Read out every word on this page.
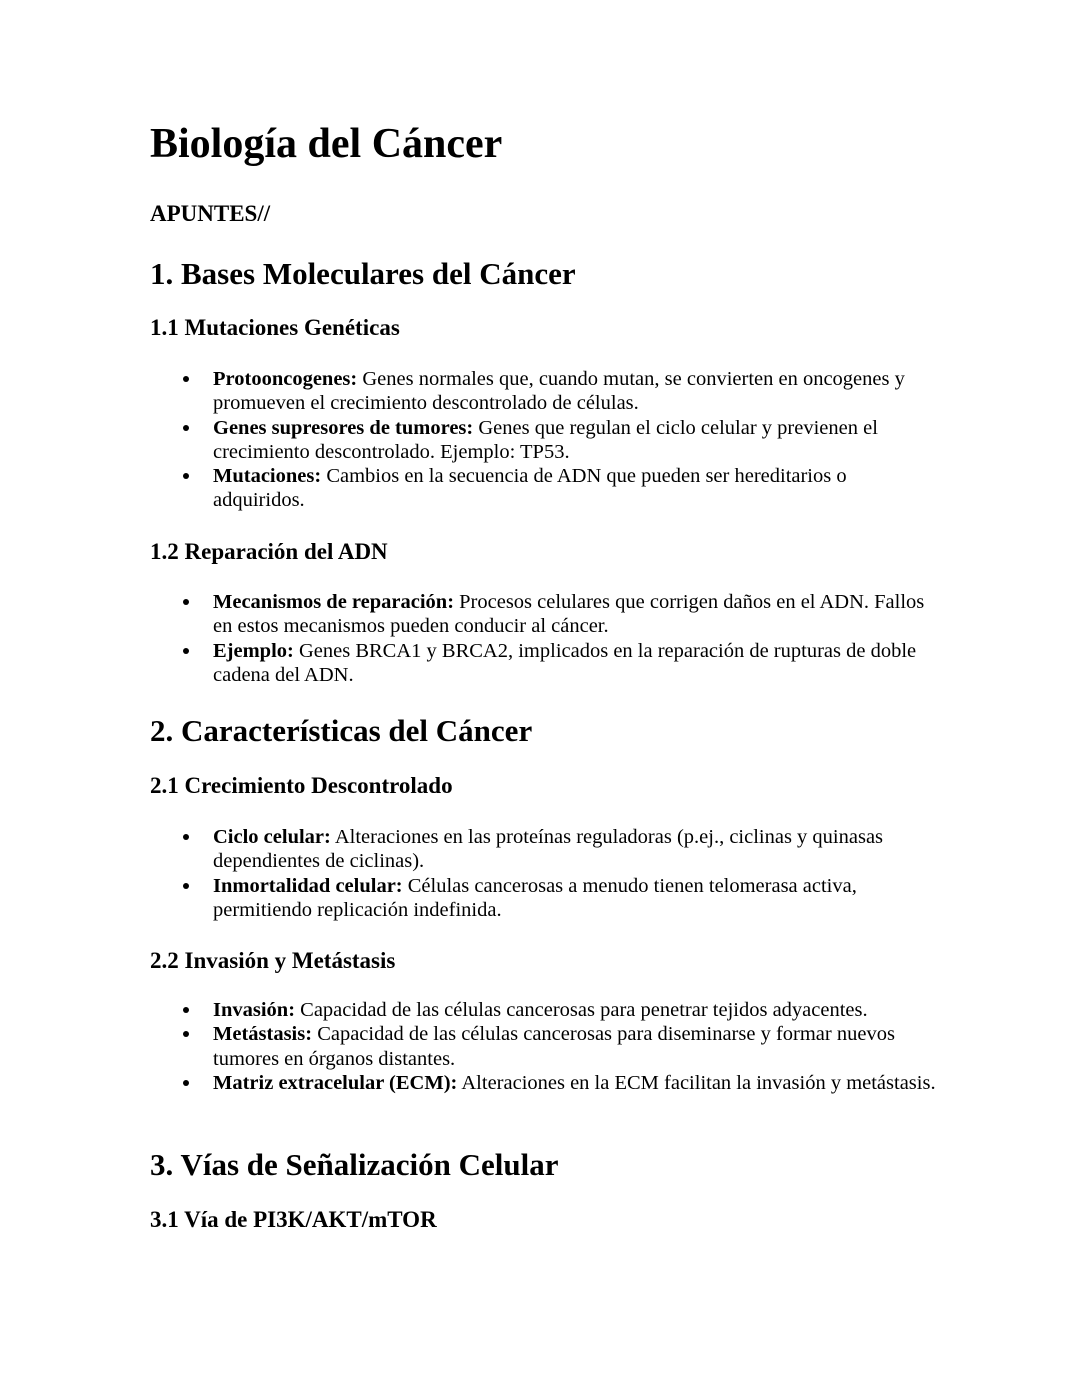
Biología del Cáncer
APUNTES//
1. Bases Moleculares del Cáncer
1.1 Mutaciones Genéticas
Protooncogenes: Genes normales que, cuando mutan, se convierten en oncogenes y promueven el crecimiento descontrolado de células.
Genes supresores de tumores: Genes que regulan el ciclo celular y previenen el crecimiento descontrolado. Ejemplo: TP53.
Mutaciones: Cambios en la secuencia de ADN que pueden ser hereditarios o adquiridos.
1.2 Reparación del ADN
Mecanismos de reparación: Procesos celulares que corrigen daños en el ADN. Fallos en estos mecanismos pueden conducir al cáncer.
Ejemplo: Genes BRCA1 y BRCA2, implicados en la reparación de rupturas de doble cadena del ADN.
2. Características del Cáncer
2.1 Crecimiento Descontrolado
Ciclo celular: Alteraciones en las proteínas reguladoras (p.ej., ciclinas y quinasas dependientes de ciclinas).
Inmortalidad celular: Células cancerosas a menudo tienen telomerasa activa, permitiendo replicación indefinida.
2.2 Invasión y Metástasis
Invasión: Capacidad de las células cancerosas para penetrar tejidos adyacentes.
Metástasis: Capacidad de las células cancerosas para diseminarse y formar nuevos tumores en órganos distantes.
Matriz extracelular (ECM): Alteraciones en la ECM facilitan la invasión y metástasis.
3. Vías de Señalización Celular
3.1 Vía de PI3K/AKT/mTOR
